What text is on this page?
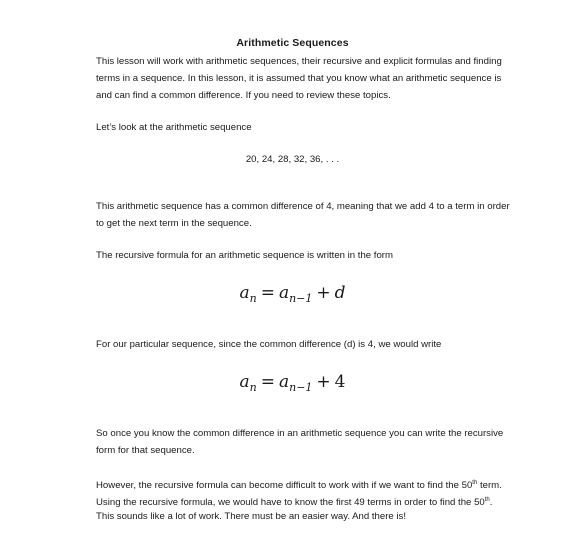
Arithmetic Sequences
This lesson will work with arithmetic sequences, their recursive and explicit formulas and finding
terms in a sequence. In this lesson, it is assumed that you know what an arithmetic sequence is
and can find a common difference. If you need to review these topics.
Let’s look at the arithmetic sequence
20, 24, 28, 32, 36, . . .
This arithmetic sequence has a common difference of 4, meaning that we add 4 to a term in order
to get the next term in the sequence.
The recursive formula for an arithmetic sequence is written in the form
$a_n = a_{n-1} + d$
For our particular sequence, since the common difference (d) is 4, we would write
$a_n = a_{n-1} + 4$
So once you know the common difference in an arithmetic sequence you can write the recursive
form for that sequence.
However, the recursive formula can become difficult to work with if we want to find the 50th term.
Using the recursive formula, we would have to know the first 49 terms in order to find the 50th.
This sounds like a lot of work. There must be an easier way. And there is!
